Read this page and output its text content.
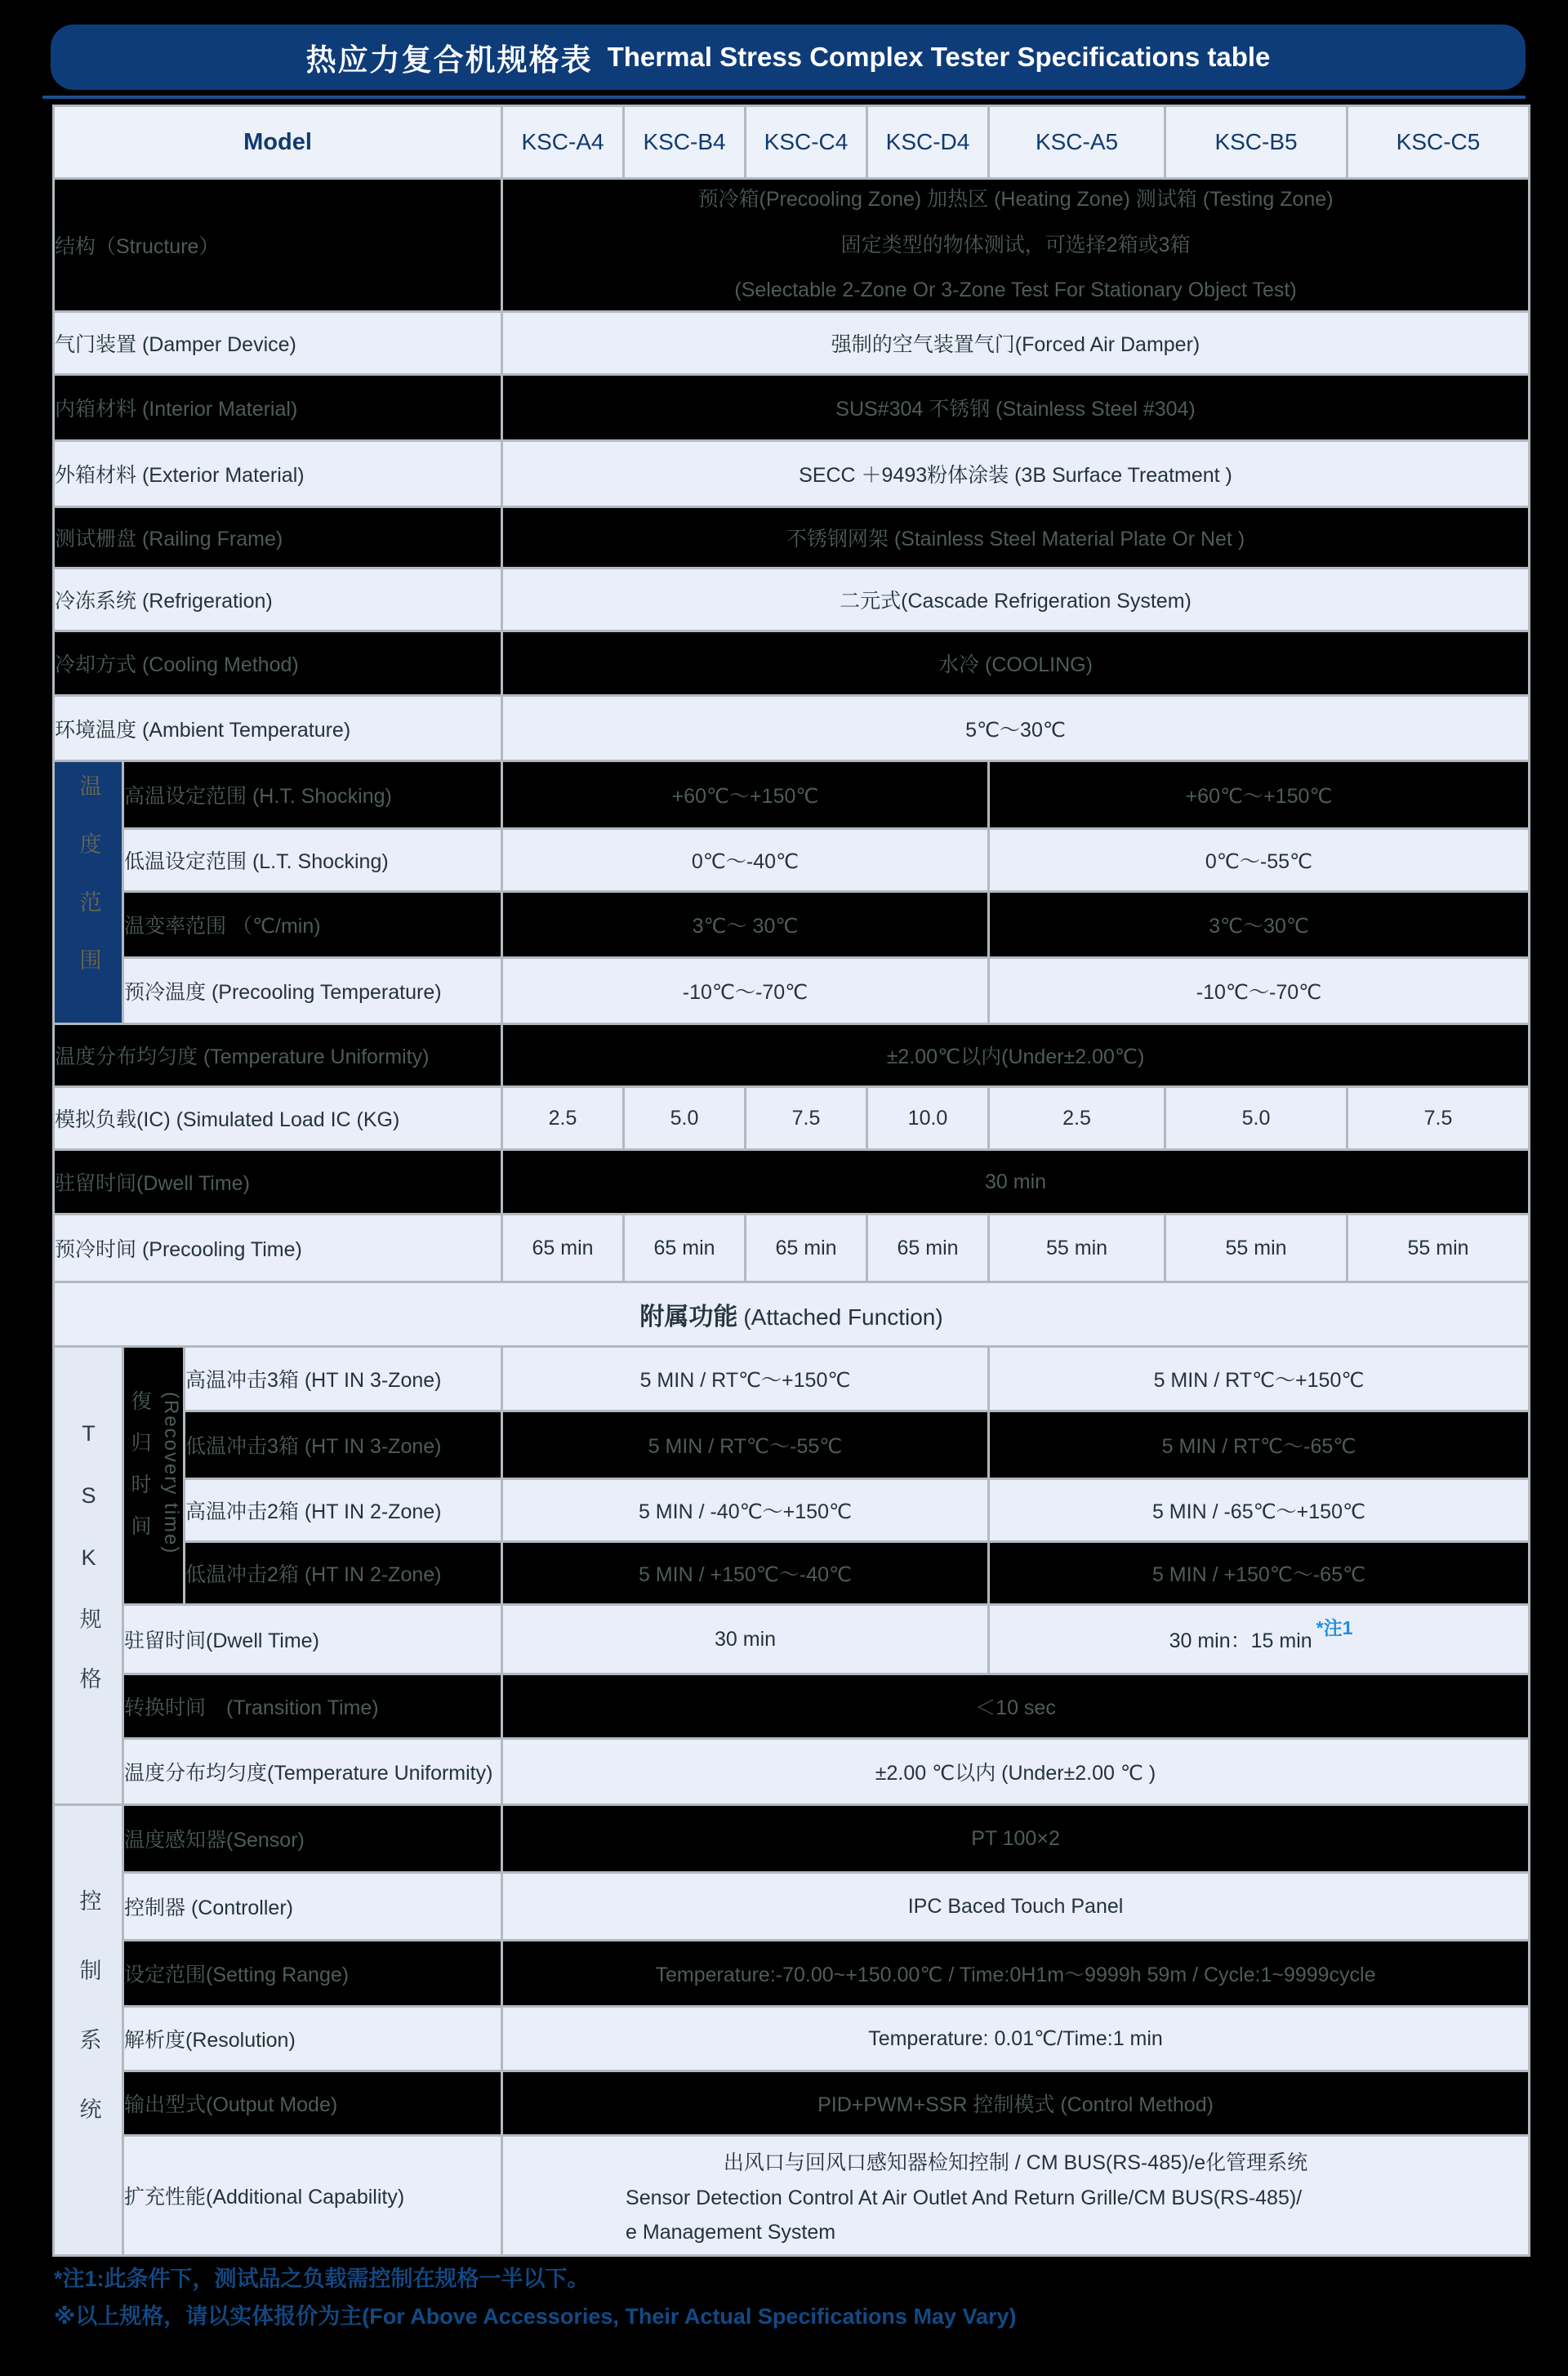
热应力复合机规格表 Thermal Stress Complex Tester Specifications table
Model			KSC-A4	KSC-B4	KSC-C4	KSC-D4	KSC-A5	KSC-B5	KSC-C5
结构（Structure）			预冷箱(Precooling Zone) 加热区 (Heating Zone) 测试箱 (Testing Zone)
固定类型的物体测试，可选择2箱或3箱
(Selectable 2-Zone Or 3-Zone Test For Stationary Object Test)						

气门装置 (Damper Device)			强制的空气装置气门(Forced Air Damper)						
内箱材料 (Interior Material)			SUS#304 不锈钢 (Stainless Steel #304)						
外箱材料 (Exterior Material)			SECC ＋9493粉体涂装 (3B Surface Treatment )						
测试栅盘 (Railing Frame)			不锈钢网架 (Stainless Steel Material Plate Or Net )						
冷冻系统 (Refrigeration)			二元式(Cascade Refrigeration System)						
冷却方式 (Cooling Method)			水冷 (COOLING)						
环境温度 (Ambient Temperature)			5℃～30℃						
温度范围	高温设定范围 (H.T. Shocking)		+60℃～+150℃				+60℃～+150℃		
	低温设定范围 (L.T. Shocking)		0℃～-40℃				0℃～-55℃		
	温变率范围 （℃/min)		3℃～ 30℃				3℃～30℃		
	预冷温度 (Precooling Temperature)		-10℃～-70℃				-10℃～-70℃		
温度分布均匀度 (Temperature Uniformity)			±2.00℃以内(Under±2.00℃)						
模拟负载(IC) (Simulated Load IC (KG)			2.5	5.0	7.5	10.0	2.5	5.0	7.5
驻留时间(Dwell Time)			30 min						
预冷时间 (Precooling Time)			65 min	65 min	65 min	65 min	55 min	55 min	55 min
附属功能 (Attached Function)									
TSK规格	復归时间 (Recovery time)	高温冲击3箱 (HT IN 3-Zone)	5 MIN / RT℃～+150℃				5 MIN / RT℃～+150℃		
		低温冲击3箱 (HT IN 3-Zone)	5 MIN / RT℃～-55℃				5 MIN / RT℃～-65℃		
		高温冲击2箱 (HT IN 2-Zone)	5 MIN / -40℃～+150℃				5 MIN / -65℃～+150℃		
		低温冲击2箱 (HT IN 2-Zone)	5 MIN / +150℃～-40℃				5 MIN / +150℃～-65℃		
	驻留时间(Dwell Time)		30 min				30 min：15 min*注1		
	转换时间　(Transition Time)		＜10 sec						
	温度分布均匀度(Temperature Uniformity)		±2.00 ℃以内 (Under±2.00 ℃ )						
控制系统	温度感知器(Sensor)		PT 100×2						
	控制器 (Controller)		IPC Baced Touch Panel						
	设定范围(Setting Range)		Temperature:-70.00~+150.00℃ / Time:0H1m～9999h 59m / Cycle:1~9999cycle						
	解析度(Resolution)		Temperature: 0.01℃/Time:1 min						
	输出型式(Output Mode)		PID+PWM+SSR 控制模式 (Control Method)						
	扩充性能(Additional Capability)		出风口与回风口感知器检知控制 / CM BUS(RS-485)/e化管理系统
Sensor Detection Control At Air Outlet And Return Grille/CM BUS(RS-485)/
e Management System						
*注1:此条件下，测试品之负载需控制在规格一半以下。
※以上规格，请以实体报价为主(For Above Accessories, Their Actual Specifications May Vary)
